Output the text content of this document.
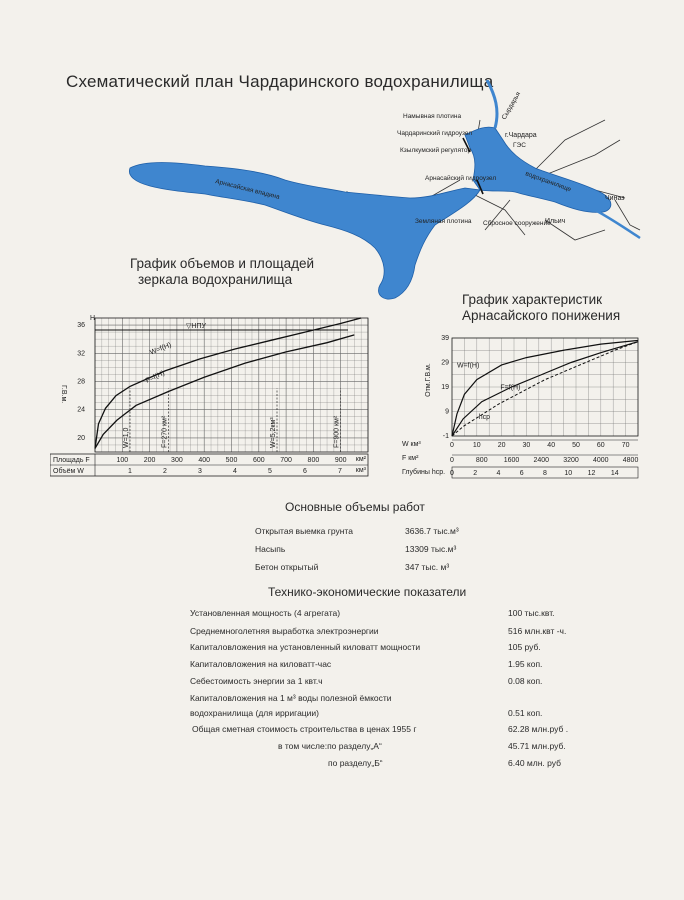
Схематический план Чардаринского водохранилища
Намывная плотина
Чардаринский гидроузел
Кзылкумский регулятор
г.Чардара
ГЭС
Арнасайский гидроузел
Земляная плотина Сбросное сооружение
Ильич
Чиназ
Арнасайская впадина
Сырдарья
водохранилище
График объемов и площадей
зеркала водохранилища
График характеристик
Арнасайского понижения
20
24
28
32
36
Н
Г.В.м.
▽НПУ
W=f(H)
F=f(H)
W=1,0	F=270 км²	W=5,2км³	F=900 км²
Площадь F
Объём W
100 200 300 400 500 600 700 800 900 км²
1	2	3	4	5	6	7 км³
-1
9
19
29
39
Отм.Г.В.м.	W=f(H)
F=f(H)
hср
W км³
F км²
Глубины hср.
0	10 20 30 40 50 60 70
0	800 1600 2400 3200 4000 4800
0	2	4	6	8 10 12 14
Основные объемы работ
Открытая выемка грунта	3636.7 тыс.м³
Насыпь	13309 тыс.м³
Бетон открытый	347 тыс. м³
Технико-экономические показатели
Установленная мощность (4 агрегата)	100 тыс.квт.
Среднемноголетняя выработка электроэнергии	516 млн.квт -ч.
Капиталовложения на установленный киловатт мощности	105 руб.
Капиталовложения на киловатт-час	1.95 коп.
Себестоимость энергии за 1 квт.ч	0.08 коп.
Капиталовложения на 1 м³ воды полезной ёмкости
водохранилища (для ирригации)	0.51 коп.
Общая сметная стоимость строительства в ценах 1955 г	62.28 млн.руб .
в том числе:по разделу„А“	45.71 млн.руб.
по разделу„Б“	6.40 млн. руб
